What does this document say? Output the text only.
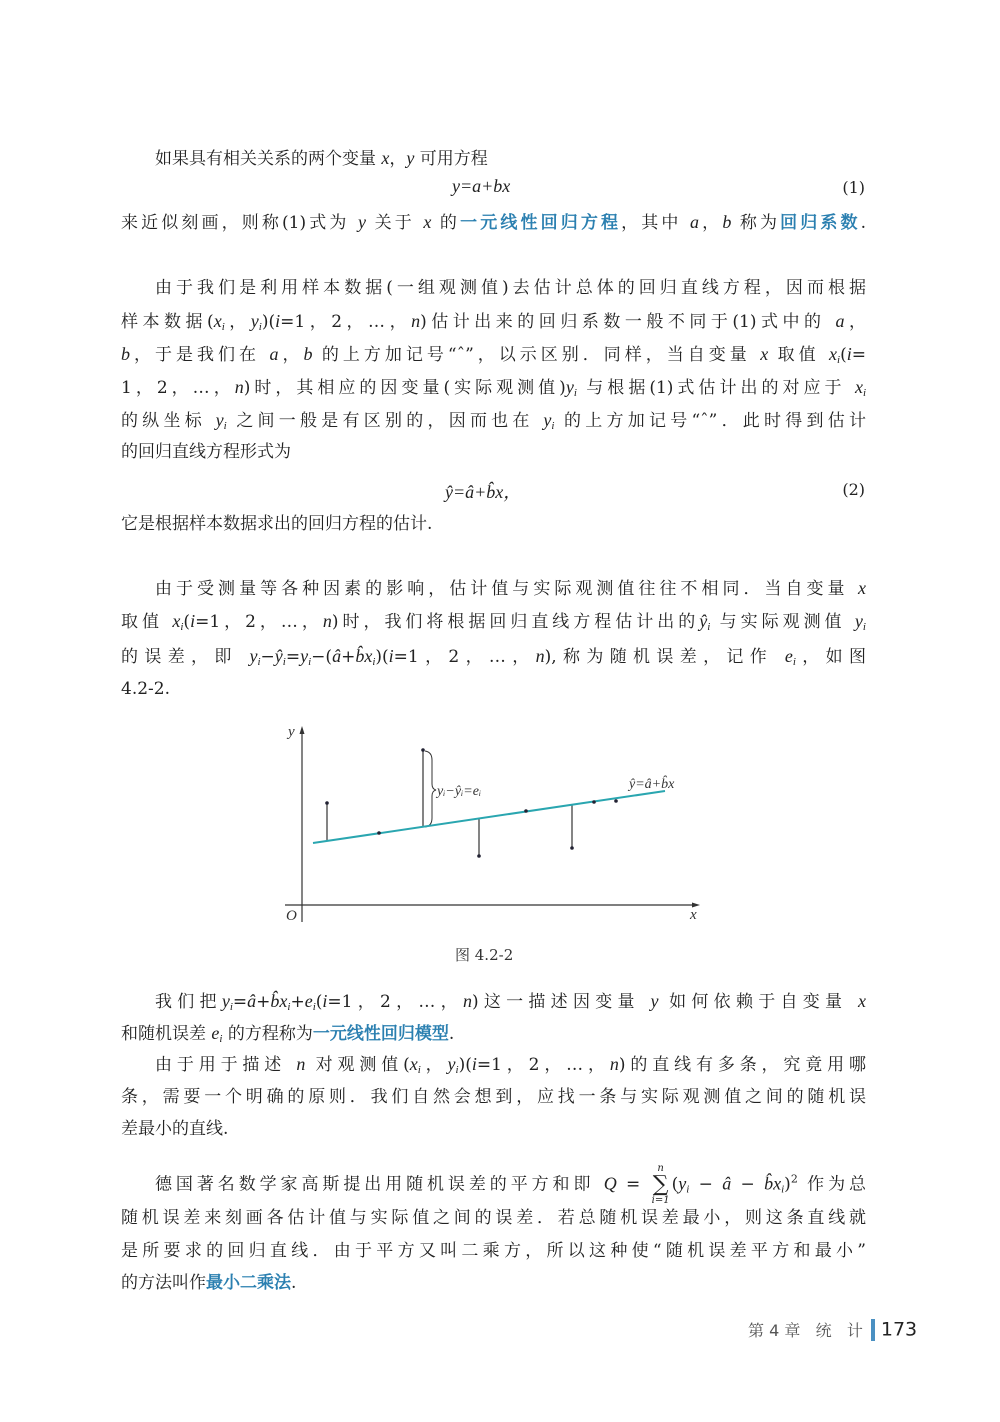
如果具有相关关系的两个变量 x，y 可用方程
来近似刻画，则称(1)式为 y 关于 x 的一元线性回归方程，其中 a，b 称为回归系数.
由于我们是利用样本数据(一组观测值)去估计总体的回归直线方程，因而根据
样本数据($x_i$，$y_i)(i=1$，2，…，n)估计出来的回归系数一般不同于(1)式中的 a，
b，于是我们在 a，b 的上方加记号“ˆ”，以示区别．同样，当自变量 x 取值 $x_i(i=$
1，2，…，n)时，其相应的因变量(实际观测值)$y_i$ 与根据(1)式估计出的对应于 $x_i$
的纵坐标 $y_i$ 之间一般是有区别的，因而也在 $y_i$ 的上方加记号“ˆ”．此时得到估计
的回归直线方程形式为
它是根据样本数据求出的回归方程的估计.
由于受测量等各种因素的影响，估计值与实际观测值往往不相同．当自变量 x
取值 $x_i(i=1$，2，…，n)时，我们将根据回归直线方程估计出的$ŷ_i$ 与实际观测值 $y_i$
的误差，即 $y_i-ŷ_i=y_i-(â+b̂x_i)(i=1$，2，…，n),称为随机误差，记作 $e_i$，如图
4.2-2.
我们把$y_i=â+b̂x_i+e_i(i=1$，2，…，n)这一描述因变量 y 如何依赖于自变量 x
和随机误差 $e_i$ 的方程称为一元线性回归模型.
由于用于描述 n 对观测值($x_i$，$y_i)(i=1$，2，…，n)的直线有多条，究竟用哪
条，需要一个明确的原则．我们自然会想到，应找一条与实际观测值之间的随机误
差最小的直线.
德国著名数学家高斯提出用随机误差的平方和即 Q =
n
∑
i=1
($y_i$ − â − $b̂x_i)^2$ 作为总
随机误差来刻画各估计值与实际值之间的误差．若总随机误差最小，则这条直线就
是所要求的回归直线．由于平方又叫二乘方，所以这种使“随机误差平方和最小”
的方法叫作最小二乘法.
y=a+bx	(1)
ŷ=â+b̂x，	(2)
y
x
O
yᵢ−ŷᵢ=eᵢ	ŷ=â+b̂x
图 4.2-2
第 4 章   统   计 173
